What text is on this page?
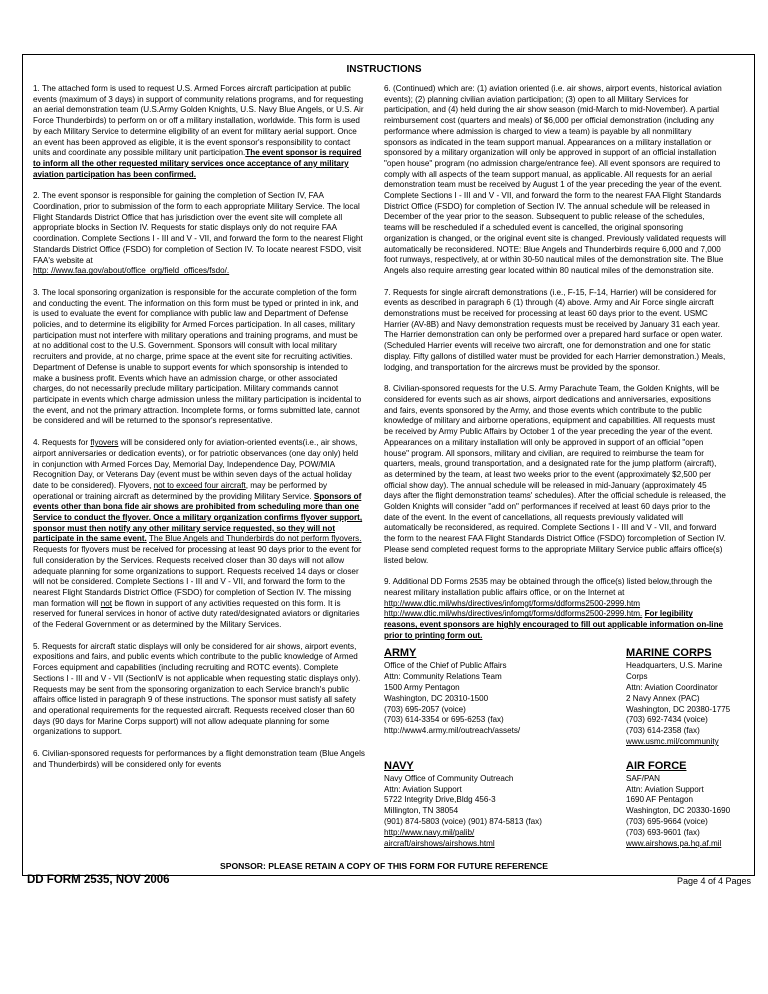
INSTRUCTIONS

1. The attached form is used to request U.S. Armed Forces aircraft participation at public events (maximum of 3 days) in support of community relations programs, and for requesting an aerial demonstration team (U.S.Army Golden Knights, U.S. Navy Blue Angels, or U.S. Air Force Thunderbirds) to perform on or off a military installation, worldwide. This form is used by each Military Service to determine eligibility of an event for military aerial support. Once an event has been approved as eligible, it is the event sponsor's responsibility to contact units and coordinate any possible military unit participation.The event sponsor is required to inform all the other requested military services once acceptance of any military aviation participation has been confirmed.

2. The event sponsor is responsible for gaining the completion of Section IV, FAA Coordination, prior to submission of the form to each appropriate Military Service. The local Flight Standards District Office that has jurisdiction over the event site will complete all appropriate blocks in Section IV. Requests for static displays only do not require FAA coordination. Complete Sections I - III and V - VII, and forward the form to the nearest Flight Standards District Office (FSDO) for completion of Section IV. To locate nearest FSDO, visit FAA's website at
http: //www.faa.gov/about/office_org/field_offices/fsdo/.

3. The local sponsoring organization is responsible for the accurate completion of the form and conducting the event. The information on this form must be typed or printed in ink, and is used to evaluate the event for compliance with public law and Department of Defense policies, and to determine its eligibility for Armed Forces participation. In all cases, military participation must not interfere with military operations and training programs, and must be at no additional cost to the U.S. Government. Sponsors will consult with local military recruiters and provide, at no charge, prime space at the event site for recruiting activities. Department of Defense is unable to support events for which sponsorship is intended to make a business profit. Events which have an admission charge, or other associated charges, do not necessarily preclude military participation. Military commands cannot participate in events which charge admission unless the military participation is incidental to the event, and not the primary attraction. Incomplete forms, or forms submitted late, cannot be considered and will be returned to the sponsor's representative.

4. Requests for flyovers will be considered only for aviation-oriented events(i.e., air shows, airport anniversaries or dedication events), or for patriotic observances (one day only) held in conjunction with Armed Forces Day, Memorial Day, Independence Day, POW/MIA Recognition Day, or Veterans Day (event must be within seven days of the actual holiday date to be considered). Flyovers, not to exceed four aircraft, may be performed by operational or training aircraft as determined by the providing Military Service. Sponsors of events other than bona fide air shows are prohibited from scheduling more than one Service to conduct the flyover. Once a military organization confirms flyover support, sponsor must then notify any other military service requested, so they will not participate in the same event. The Blue Angels and Thunderbirds do not perform flyovers. Requests for flyovers must be received for processing at least 90 days prior to the event for full consideration by the Services. Requests received closer than 30 days will not allow adequate planning for some organizations to support. Requests received 14 days or closer will not be considered. Complete Sections I - III and V - VII, and forward the form to the nearest Flight Standards District Office (FSDO) for completion of Section IV. The missing man formation will not be flown in support of any activities requested on this form. It is reserved for funeral services in honor of active duty rated/designated aviators or dignitaries of the Federal Government or as determined by the Military Services.

5. Requests for aircraft static displays will only be considered for air shows, airport events, expositions and fairs, and public events which contribute to the public knowledge of Armed Forces equipment and capabilities (including recruiting and ROTC events). Complete Sections I - III and V - VII (SectionIV is not applicable when requesting static displays only). Requests may be sent from the sponsoring organization to each Service branch's public affairs office listed in paragraph 9 of these instructions. The sponsor must satisfy all safety and operational requirements for the requested aircraft. Requests received closer than 60 days (90 days for Marine Corps support) will not allow adequate planning for some organizations to support.

6. Civilian-sponsored requests for performances by a flight demonstration team (Blue Angels and Thunderbirds) will be considered only for events

6. (Continued) which are: (1) aviation oriented (i.e. air shows, airport events, historical aviation events); (2) planning civilian aviation participation; (3) open to all Military Services for participation, and (4) held during the air show season (mid-March to mid-November). A partial reimbursement cost (quarters and meals) of $6,000 per official demonstration (including any performance where admission is charged to view a team) is payable by all nonmilitary sponsors as indicated in the team support manual. Appearances on a military installation or sponsored by a military organization will only be approved in support of an official installation "open house" program (no admission charge/entrance fee). All event sponsors are required to comply with all aspects of the team support manual, as applicable. All requests for an aerial demonstration team must be received by August 1 of the year preceding the year of the event. Complete Sections I - III and V - VII, and forward the form to the nearest FAA Flight Standards District Office (FSDO) for completion of Section IV. The annual schedule will be released in December of the year prior to the season. Subsequent to public release of the schedules, teams will be rescheduled if a scheduled event is cancelled, the original sponsoring organization is changed, or the original event site is changed. Previously validated requests will automatically be reconsidered. NOTE: Blue Angels and Thunderbirds require 6,000 and 7,000 foot runways, respectively, at or within 30-50 nautical miles of the demonstration site. The Blue Angels also require arresting gear located within 80 nautical miles of the demonstration site.

7. Requests for single aircraft demonstrations (i.e., F-15, F-14, Harrier) will be considered for events as described in paragraph 6 (1) through (4) above. Army and Air Force single aircraft demonstrations must be received for processing at least 60 days prior to the event. USMC Harrier (AV-8B) and Navy demonstration requests must be received by January 31 each year. The Harrier demonstration can only be performed over a prepared hard surface or open water. (Scheduled Harrier events will receive two aircraft, one for demonstration and one for static display. Fifty gallons of distilled water must be provided for each Harrier demonstration.) Meals, lodging, and transportation for the aircrews must be provided by the sponsor.

8. Civilian-sponsored requests for the U.S. Army Parachute Team, the Golden Knights, will be considered for events such as air shows, airport dedications and anniversaries, expositions and fairs, events sponsored by the Army, and those events which contribute to the public knowledge of military and airborne operations, equipment and capabilities. All requests must be received by Army Public Affairs by October 1 of the year preceding the year of the event. Appearances on a military installation will only be approved in support of an official "open house" program. All sponsors, military and civilian, are required to reimburse the team for quarters, meals, ground transportation, and a designated rate for the jump platform (aircraft), as determined by the team, at least two weeks prior to the event (approximately $2,500 per official show day). The annual schedule will be released in mid-January (approximately 45 days after the flight demonstration teams' schedules). After the official schedule is released, the Golden Knights will consider "add on" performances if received at least 60 days prior to the date of the event. In the event of cancellations, all requests previously validated will automatically be reconsidered, as required. Complete Sections I - III and V - VII, and forward the form to the nearest FAA Flight Standards District Office (FSDO) forcompletion of Section IV. Please send completed request forms to the appropriate Military Service public affairs office(s) listed below.

9. Additional DD Forms 2535 may be obtained through the office(s) listed below,through the nearest military installation public affairs office, or on the Internet at http://www.dtic.mil/whs/directives/infomgt/forms/ddforms2500-2999.htm
http://www.dtic.mil/whs/directives/infomgt/forms/ddforms2500-2999.htm. For legibility reasons, event sponsors are highly encouraged to fill out applicable information on-line prior to printing form out.

ARMY
Office of the Chief of Public Affairs
Attn: Community Relations Team
1500 Army Pentagon
Washington, DC 20310-1500
(703) 695-2057 (voice)
(703) 614-3354 or 695-6253 (fax)
http://www4.army.mil/outreach/assets/
MARINE CORPS
Headquarters, U.S. Marine
Corps
Attn: Aviation Coordinator
2 Navy Annex (PAC)
Washington, DC 20380-1775
(703) 692-7434 (voice)
(703) 614-2358 (fax)
www.usmc.mil/community
NAVY
Navy Office of Community Outreach
Attn: Aviation Support
5722 Integrity Drive,Bldg 456-3
Millington, TN 38054
(901) 874-5803 (voice) (901) 874-5813 (fax)
http://www.navy.mil/palib/
aircraft/airshows/airshows.html
AIR FORCE
SAF/PAN
Attn: Aviation Support
1690 AF Pentagon
Washington, DC 20330-1690
(703) 695-9664 (voice)
(703) 693-9601 (fax)
www.airshows.pa.hq.af.mil
SPONSOR: PLEASE RETAIN A COPY OF THIS FORM FOR FUTURE REFERENCE
DD FORM 2535, NOV 2006	Page 4 of 4 Pages
